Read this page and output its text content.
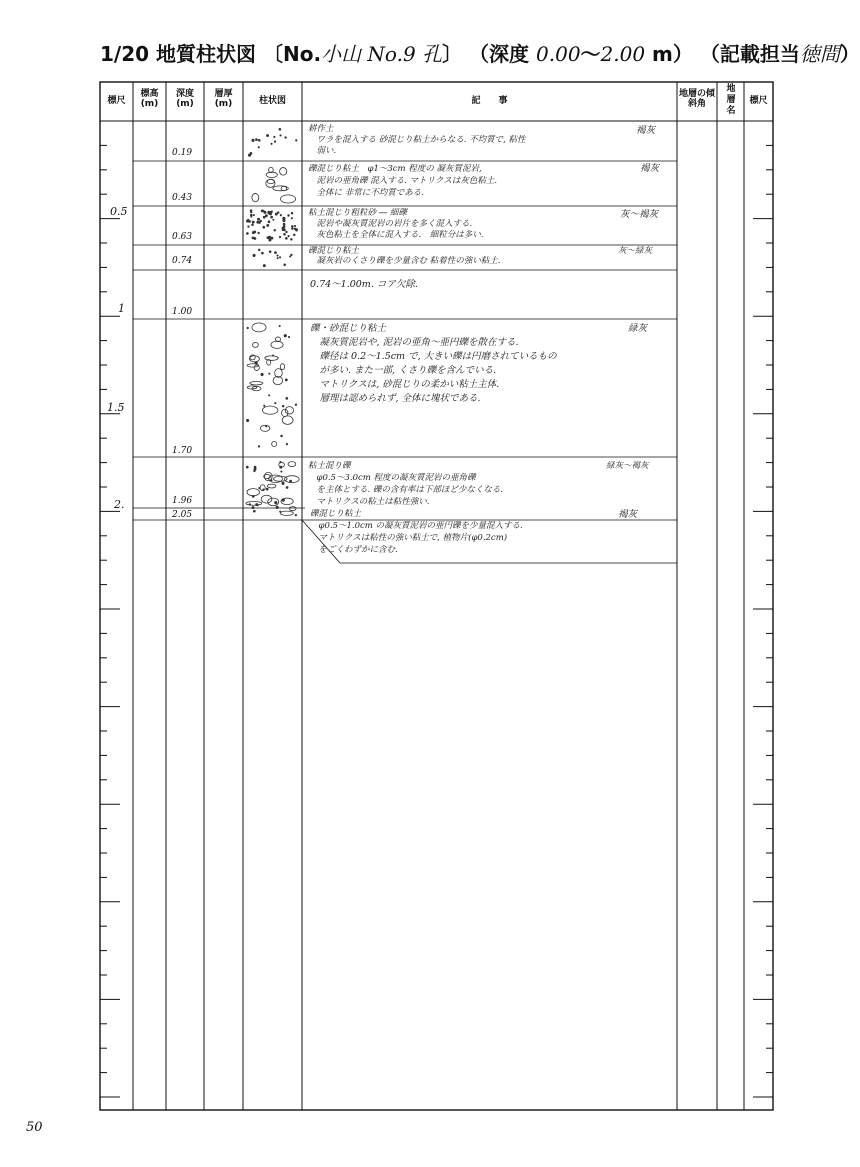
1/20 地質柱状図 〔No.小山 No.9 孔〕 （深度 0.00～2.00 m） （記載担当徳間）
標尺
標高
(m)
深度
(m)
層厚
(m)	柱状図	記　　事
地層の傾斜角
地層名
標尺
0.5
1
1.5
2.
0.19
0.43
0.63
0.74
1.00
1.70
1.96
2.05
耕作土
　ワラを混入する 砂混じり粘土からなる. 不均質で, 粘性
　弱い.
褐灰
礫混じり粘土　φ1～3cm 程度の 凝灰質泥岩,
　泥岩の亜角礫 混入する. マトリクスは灰色粘土.
　全体に 非常に不均質である.
褐灰
粘土混じり粗粒砂 ― 細礫
　泥岩や凝灰質泥岩の岩片を多く混入する.
　灰色粘土を全体に混入する.　細粒分は多い.
灰～褐灰
礫混じり粘土
　凝灰岩のくさり礫を少量含む 粘着性の強い粘土.
灰～緑灰
0.74～1.00m. コア欠除.
礫・砂混じり粘土
　凝灰質泥岩や, 泥岩の亜角～亜円礫を散在する.
　礫径は 0.2～1.5cm で, 大きい礫は円磨されているもの
　が多い. また一部, くさり礫を含んでいる.
　マトリクスは, 砂混じりの柔かい粘土主体.
　層理は認められず, 全体に塊状である.
緑灰
粘土混り礫
　φ0.5～3.0cm 程度の凝灰質泥岩の亜角礫
　を主体とする. 礫の含有率は下部ほど少なくなる.
　マトリクスの粘土は粘性強い.
緑灰～褐灰
礫混じり粘土
　φ0.5～1.0cm の凝灰質泥岩の亜円礫を少量混入する.
　マトリクスは粘性の強い粘土で, 植物片(φ0.2cm)
　をごくわずかに含む.
褐灰
50
